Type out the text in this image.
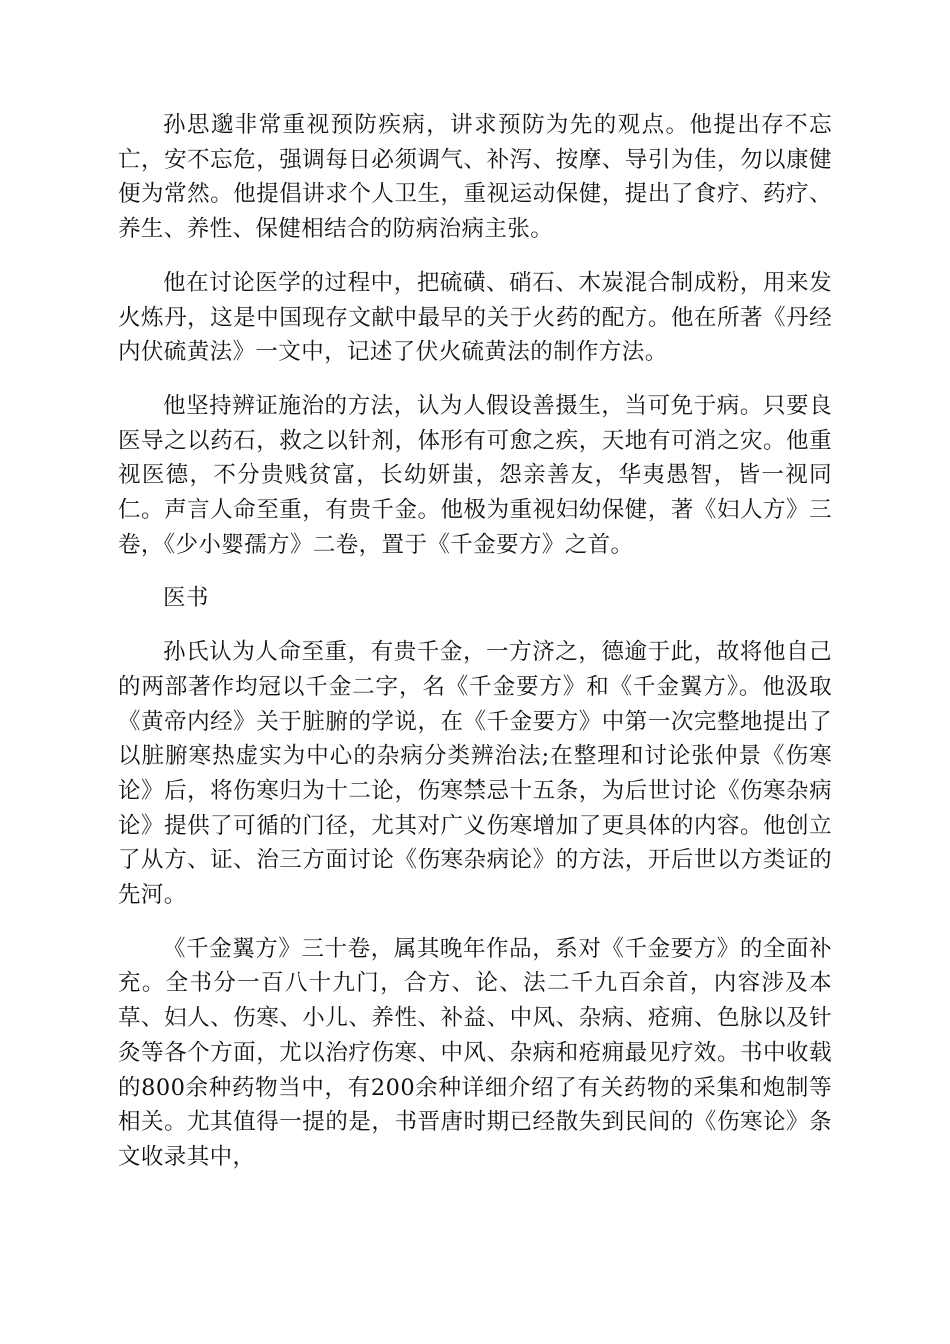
孙思邈非常重视预防疾病，讲求预防为先的观点。他提出存不忘亡，安不忘危，强调每日必须调气、补泻、按摩、导引为佳，勿以康健便为常然。他提倡讲求个人卫生，重视运动保健，提出了食疗、药疗、养生、养性、保健相结合的防病治病主张。

他在讨论医学的过程中，把硫磺、硝石、木炭混合制成粉，用来发火炼丹，这是中国现存文献中最早的关于火药的配方。他在所著《丹经内伏硫黄法》一文中，记述了伏火硫黄法的制作方法。

他坚持辨证施治的方法，认为人假设善摄生，当可免于病。只要良医导之以药石，救之以针剂，体形有可愈之疾，天地有可消之灾。他重视医德，不分贵贱贫富，长幼妍蚩，怨亲善友，华夷愚智，皆一视同仁。声言人命至重，有贵千金。他极为重视妇幼保健，著《妇人方》三卷，《少小婴孺方》二卷，置于《千金要方》之首。

医书

孙氏认为人命至重，有贵千金，一方济之，德逾于此，故将他自己的两部著作均冠以千金二字，名《千金要方》和《千金翼方》。他汲取《黄帝内经》关于脏腑的学说，在《千金要方》中第一次完整地提出了以脏腑寒热虚实为中心的杂病分类辨治法;在整理和讨论张仲景《伤寒论》后，将伤寒归为十二论，伤寒禁忌十五条，为后世讨论《伤寒杂病论》提供了可循的门径，尤其对广义伤寒增加了更具体的内容。他创立了从方、证、治三方面讨论《伤寒杂病论》的方法，开后世以方类证的先河。

《千金翼方》三十卷，属其晚年作品，系对《千金要方》的全面补充。全书分一百八十九门，合方、论、法二千九百余首，内容涉及本草、妇人、伤寒、小儿、养性、补益、中风、杂病、疮痈、色脉以及针灸等各个方面，尤以治疗伤寒、中风、杂病和疮痈最见疗效。书中收载的800余种药物当中，有200余种详细介绍了有关药物的采集和炮制等相关。尤其值得一提的是，书晋唐时期已经散失到民间的《伤寒论》条文收录其中，
